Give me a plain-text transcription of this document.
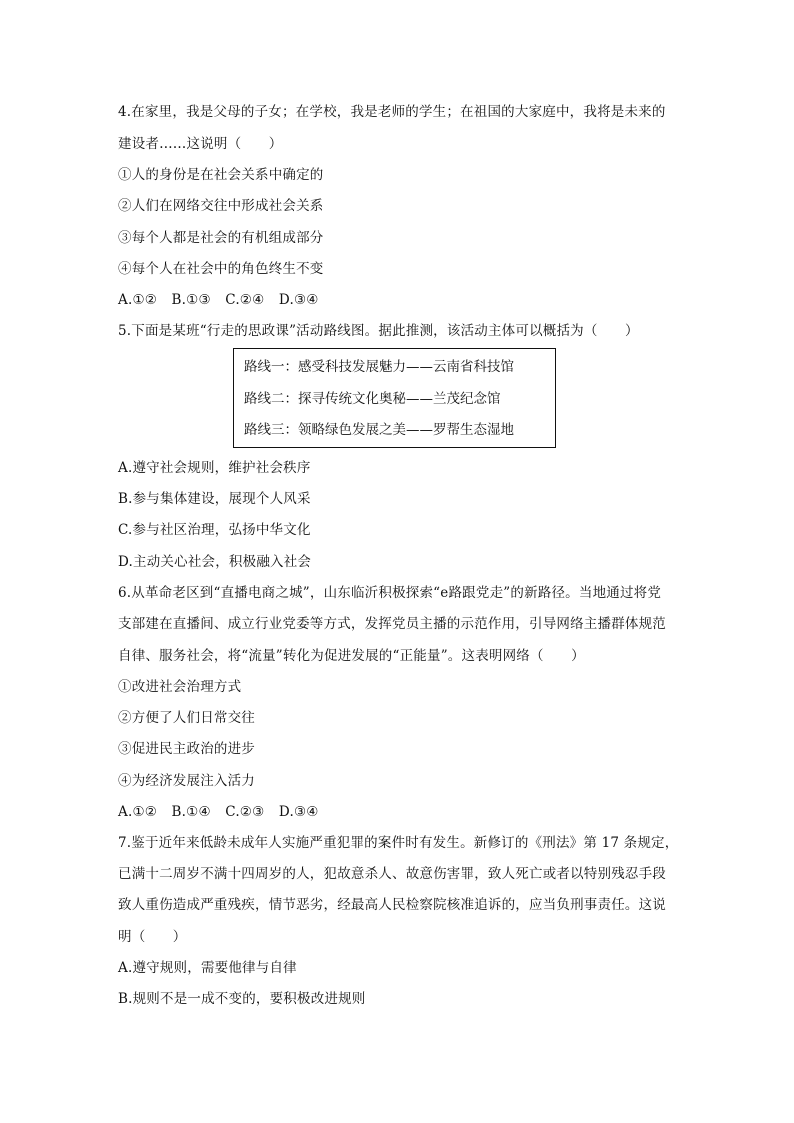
4.在家里，我是父母的子女；在学校，我是老师的学生；在祖国的大家庭中，我将是未来的
建设者……这说明（　　）
①人的身份是在社会关系中确定的
②人们在网络交往中形成社会关系
③每个人都是社会的有机组成部分
④每个人在社会中的角色终生不变
A.①② B.①③ C.②④ D.③④
5.下面是某班“行走的思政课”活动路线图。据此推测，该活动主体可以概括为（　　）
路线一：感受科技发展魅力——云南省科技馆
路线二：探寻传统文化奥秘——兰茂纪念馆
路线三：领略绿色发展之美——罗帮生态湿地
A.遵守社会规则，维护社会秩序
B.参与集体建设，展现个人风采
C.参与社区治理，弘扬中华文化
D.主动关心社会，积极融入社会
6.从革命老区到“直播电商之城”，山东临沂积极探索“e路跟党走”的新路径。当地通过将党
支部建在直播间、成立行业党委等方式，发挥党员主播的示范作用，引导网络主播群体规范
自律、服务社会，将“流量”转化为促进发展的“正能量”。这表明网络（　　）
①改进社会治理方式
②方便了人们日常交往
③促进民主政治的进步
④为经济发展注入活力
A.①② B.①④ C.②③ D.③④
7.鉴于近年来低龄未成年人实施严重犯罪的案件时有发生。新修订的《刑法》第 17 条规定，
已满十二周岁不满十四周岁的人，犯故意杀人、故意伤害罪，致人死亡或者以特别残忍手段
致人重伤造成严重残疾，情节恶劣，经最高人民检察院核准追诉的，应当负刑事责任。这说
明（　　）
A.遵守规则，需要他律与自律
B.规则不是一成不变的，要积极改进规则
